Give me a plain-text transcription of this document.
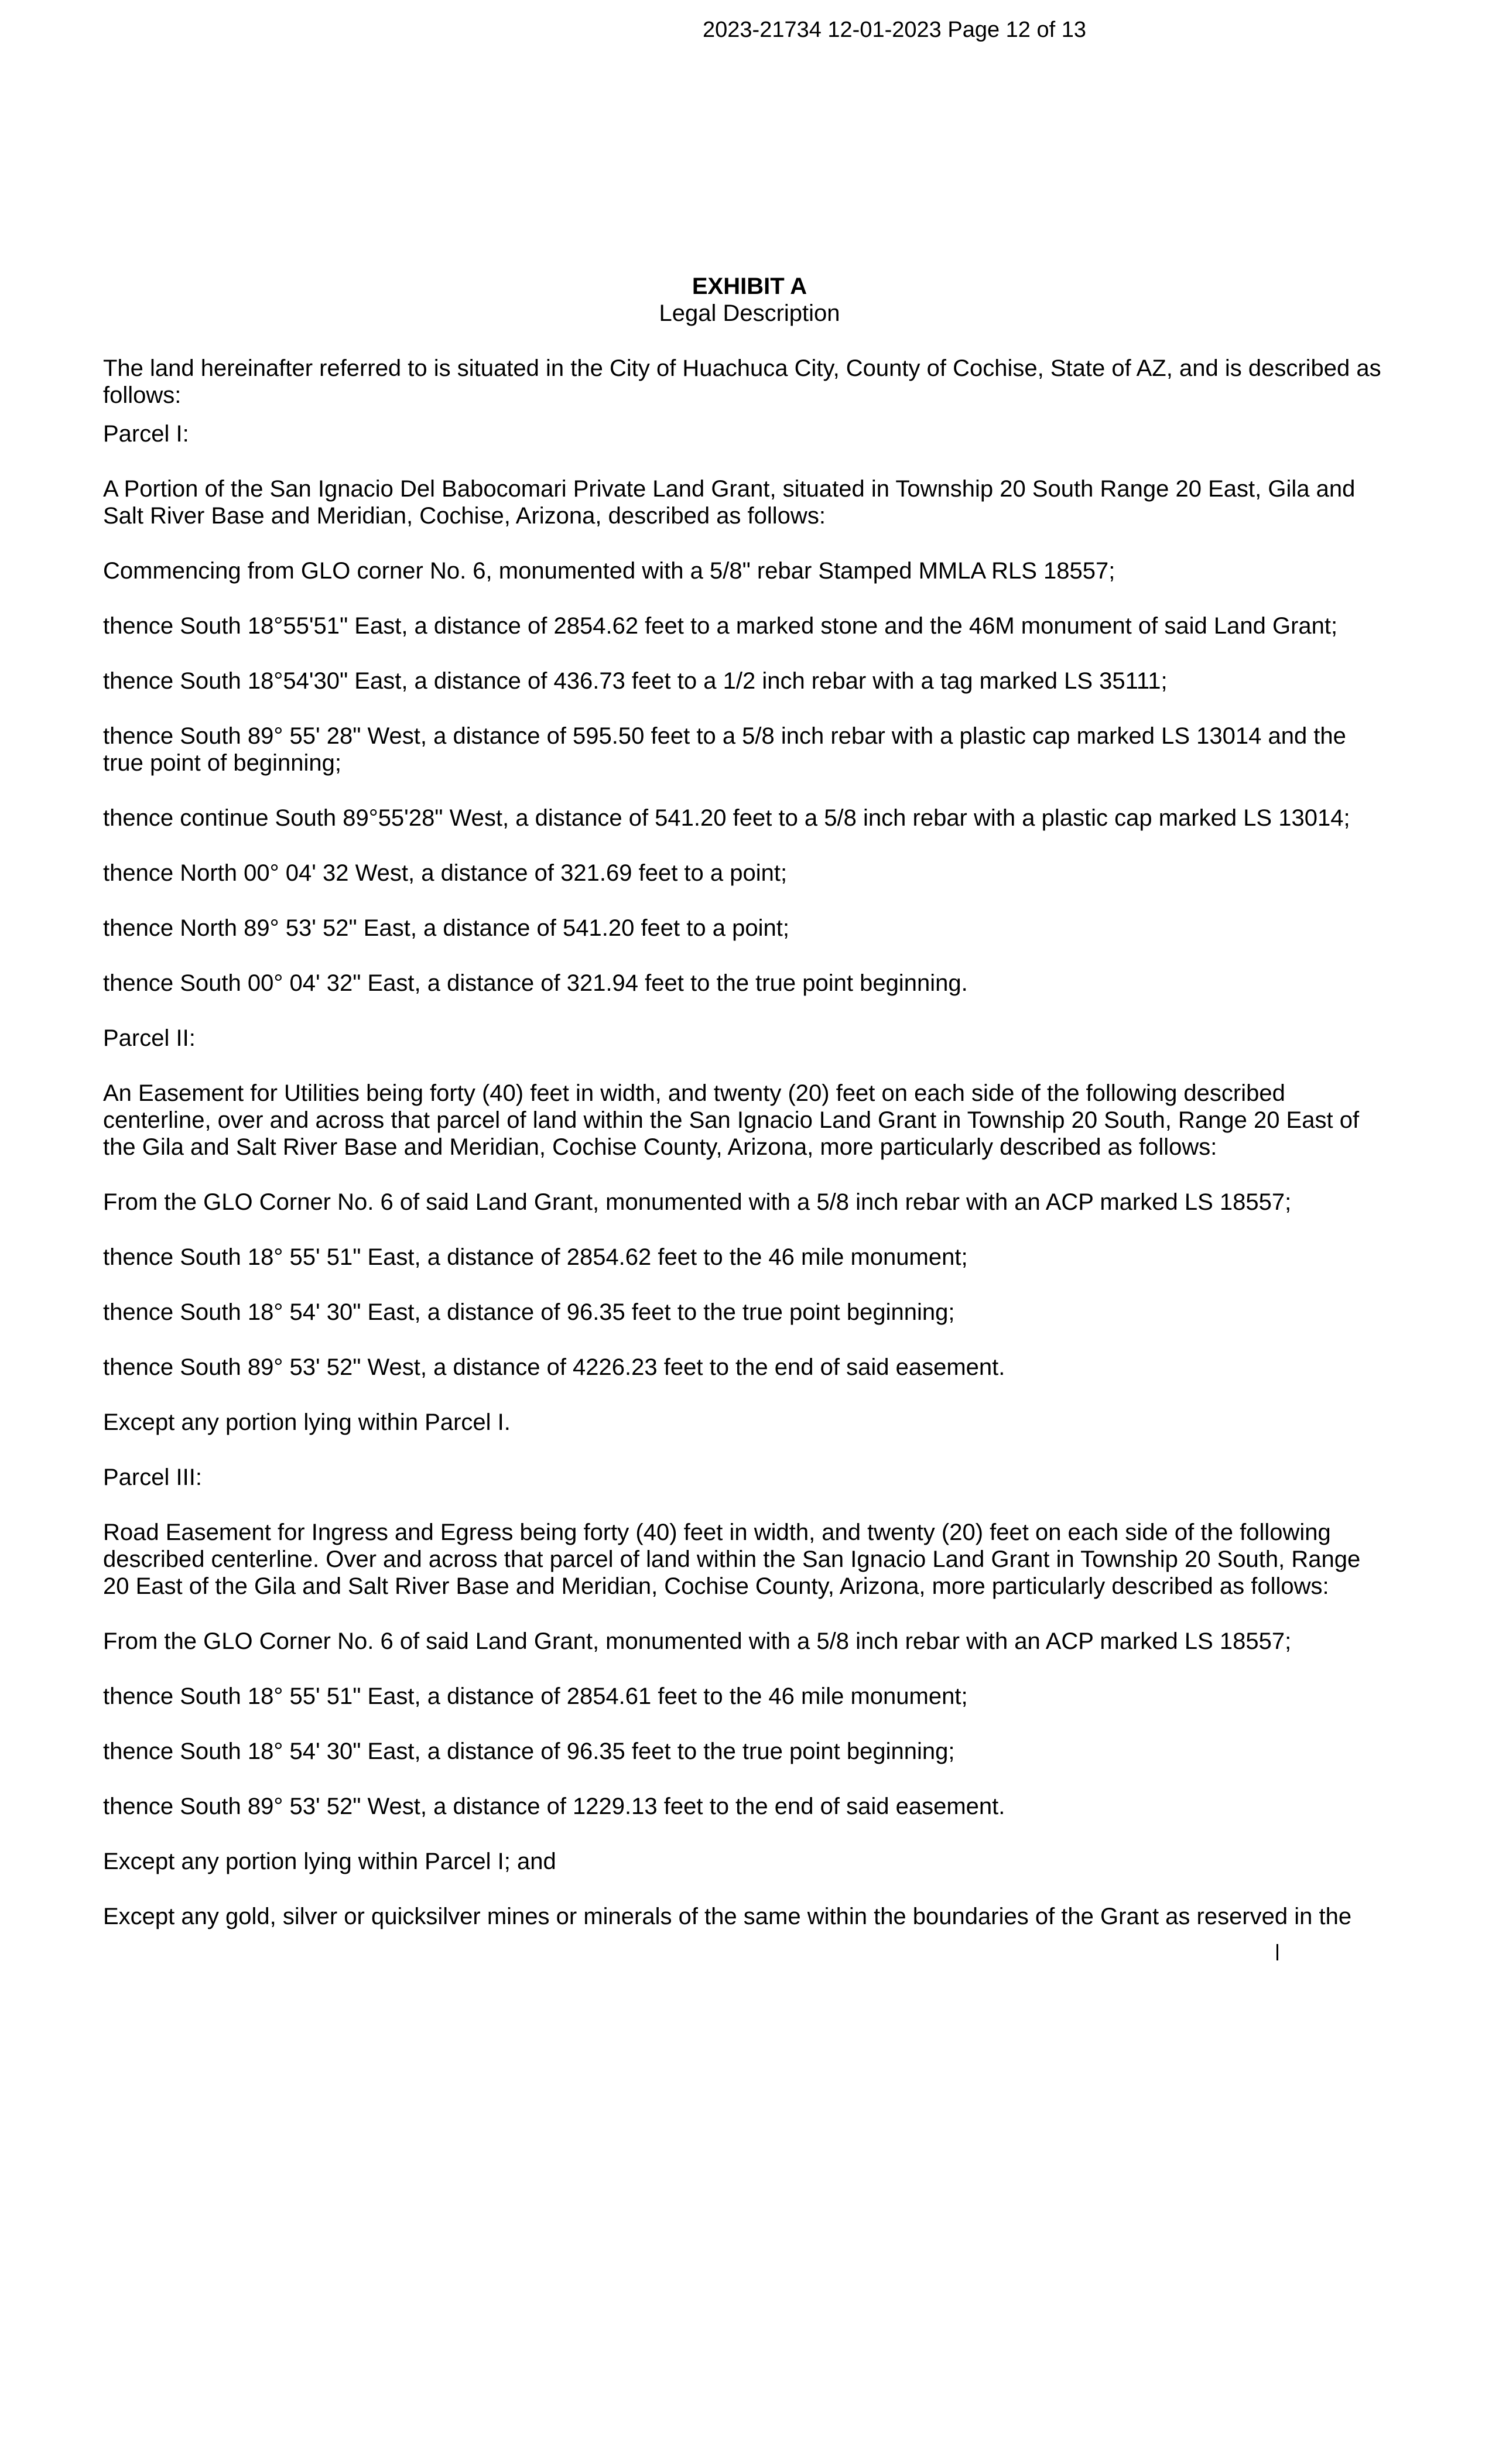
2023-21734 12-01-2023 Page 12 of 13
EXHIBIT A
Legal Description

The land hereinafter referred to is situated in the City of Huachuca City, County of Cochise, State of AZ, and is described as follows:

Parcel I:

A Portion of the San Ignacio Del Babocomari Private Land Grant, situated in Township 20 South Range 20 East, Gila and Salt River Base and Meridian, Cochise, Arizona, described as follows:

Commencing from GLO corner No. 6, monumented with a 5/8" rebar Stamped MMLA RLS 18557;

thence South 18°55'51" East, a distance of 2854.62 feet to a marked stone and the 46M monument of said Land Grant;

thence South 18°54'30" East, a distance of 436.73 feet to a 1/2 inch rebar with a tag marked LS 35111;

thence South 89° 55' 28" West, a distance of 595.50 feet to a 5/8 inch rebar with a plastic cap marked LS 13014 and the true point of beginning;

thence continue South 89°55'28" West, a distance of 541.20 feet to a 5/8 inch rebar with a plastic cap marked LS 13014;

thence North 00° 04' 32 West, a distance of 321.69 feet to a point;

thence North 89° 53' 52" East, a distance of 541.20 feet to a point;

thence South 00° 04' 32" East, a distance of 321.94 feet to the true point beginning.

Parcel II:

An Easement for Utilities being forty (40) feet in width, and twenty (20) feet on each side of the following described centerline, over and across that parcel of land within the San Ignacio Land Grant in Township 20 South, Range 20 East of the Gila and Salt River Base and Meridian, Cochise County, Arizona, more particularly described as follows:

From the GLO Corner No. 6 of said Land Grant, monumented with a 5/8 inch rebar with an ACP marked LS 18557;

thence South 18° 55' 51" East, a distance of 2854.62 feet to the 46 mile monument;

thence South 18° 54' 30" East, a distance of 96.35 feet to the true point beginning;

thence South 89° 53' 52" West, a distance of 4226.23 feet to the end of said easement.

Except any portion lying within Parcel I.

Parcel III:

Road Easement for Ingress and Egress being forty (40) feet in width, and twenty (20) feet on each side of the following described centerline. Over and across that parcel of land within the San Ignacio Land Grant in Township 20 South, Range 20 East of the Gila and Salt River Base and Meridian, Cochise County, Arizona, more particularly described as follows:

From the GLO Corner No. 6 of said Land Grant, monumented with a 5/8 inch rebar with an ACP marked LS 18557;

thence South 18° 55' 51" East, a distance of 2854.61 feet to the 46 mile monument;

thence South 18° 54' 30" East, a distance of 96.35 feet to the true point beginning;

thence South 89° 53' 52" West, a distance of 1229.13 feet to the end of said easement.

Except any portion lying within Parcel I; and

Except any gold, silver or quicksilver mines or minerals of the same within the boundaries of the Grant as reserved in the
